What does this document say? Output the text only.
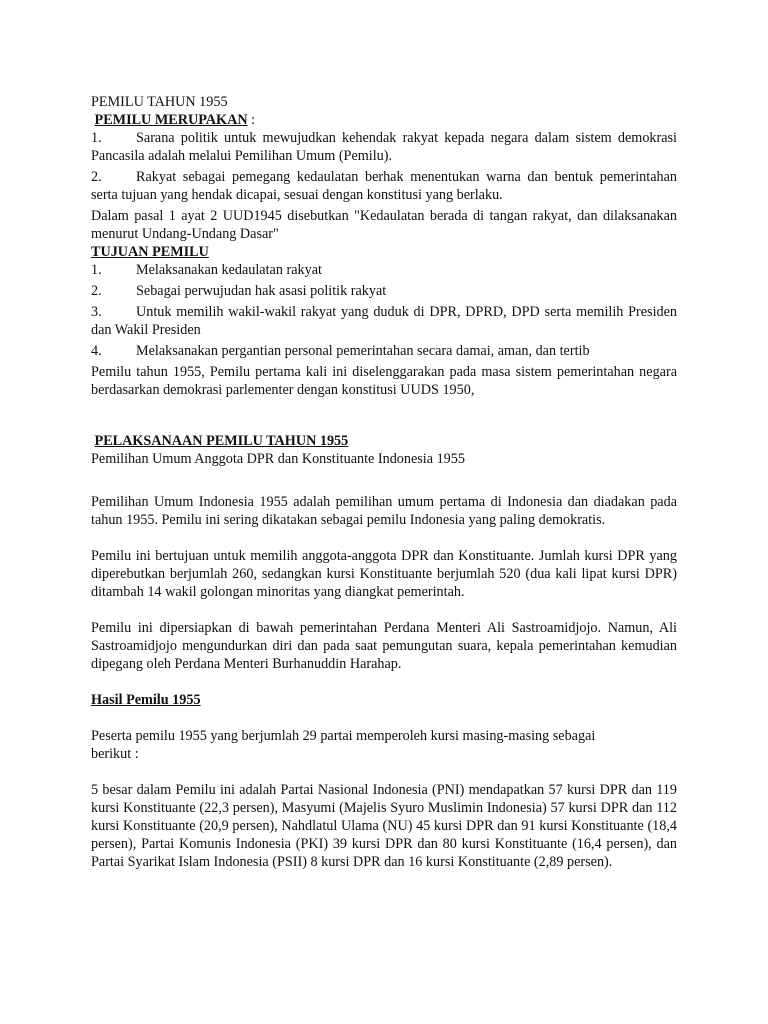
PEMILU TAHUN 1955

PEMILU MERUPAKAN :

1. Sarana politik untuk mewujudkan kehendak rakyat kepada negara dalam sistem demokrasi Pancasila adalah melalui Pemilihan Umum (Pemilu).

2. Rakyat sebagai pemegang kedaulatan berhak menentukan warna dan bentuk pemerintahan serta tujuan yang hendak dicapai, sesuai dengan konstitusi yang berlaku.

Dalam pasal 1 ayat 2 UUD1945 disebutkan "Kedaulatan berada di tangan rakyat, dan dilaksanakan menurut Undang-Undang Dasar"

TUJUAN PEMILU

1. Melaksanakan kedaulatan rakyat

2. Sebagai perwujudan hak asasi politik rakyat

3. Untuk memilih wakil-wakil rakyat yang duduk di DPR, DPRD, DPD serta memilih Presiden dan Wakil Presiden

4. Melaksanakan pergantian personal pemerintahan secara damai, aman, dan tertib

Pemilu tahun 1955, Pemilu pertama kali ini diselenggarakan pada masa sistem pemerintahan negara berdasarkan demokrasi parlementer dengan konstitusi UUDS 1950,

PELAKSANAAN PEMILU TAHUN 1955

Pemilihan Umum Anggota DPR dan Konstituante Indonesia 1955

Pemilihan Umum Indonesia 1955 adalah pemilihan umum pertama di Indonesia dan diadakan pada tahun 1955. Pemilu ini sering dikatakan sebagai pemilu Indonesia yang paling demokratis.

Pemilu ini bertujuan untuk memilih anggota-anggota DPR dan Konstituante. Jumlah kursi DPR yang diperebutkan berjumlah 260, sedangkan kursi Konstituante berjumlah 520 (dua kali lipat kursi DPR) ditambah 14 wakil golongan minoritas yang diangkat pemerintah.

Pemilu ini dipersiapkan di bawah pemerintahan Perdana Menteri Ali Sastroamidjojo. Namun, Ali Sastroamidjojo mengundurkan diri dan pada saat pemungutan suara, kepala pemerintahan kemudian dipegang oleh Perdana Menteri Burhanuddin Harahap.

Hasil Pemilu 1955

Peserta pemilu 1955 yang berjumlah 29 partai memperoleh kursi masing-masing sebagai
berikut :

5 besar dalam Pemilu ini adalah Partai Nasional Indonesia (PNI) mendapatkan 57 kursi DPR dan 119 kursi Konstituante (22,3 persen), Masyumi (Majelis Syuro Muslimin Indonesia) 57 kursi DPR dan 112 kursi Konstituante (20,9 persen), Nahdlatul Ulama (NU) 45 kursi DPR dan 91 kursi Konstituante (18,4 persen), Partai Komunis Indonesia (PKI) 39 kursi DPR dan 80 kursi Konstituante (16,4 persen), dan Partai Syarikat Islam Indonesia (PSII) 8 kursi DPR dan 16 kursi Konstituante (2,89 persen).
